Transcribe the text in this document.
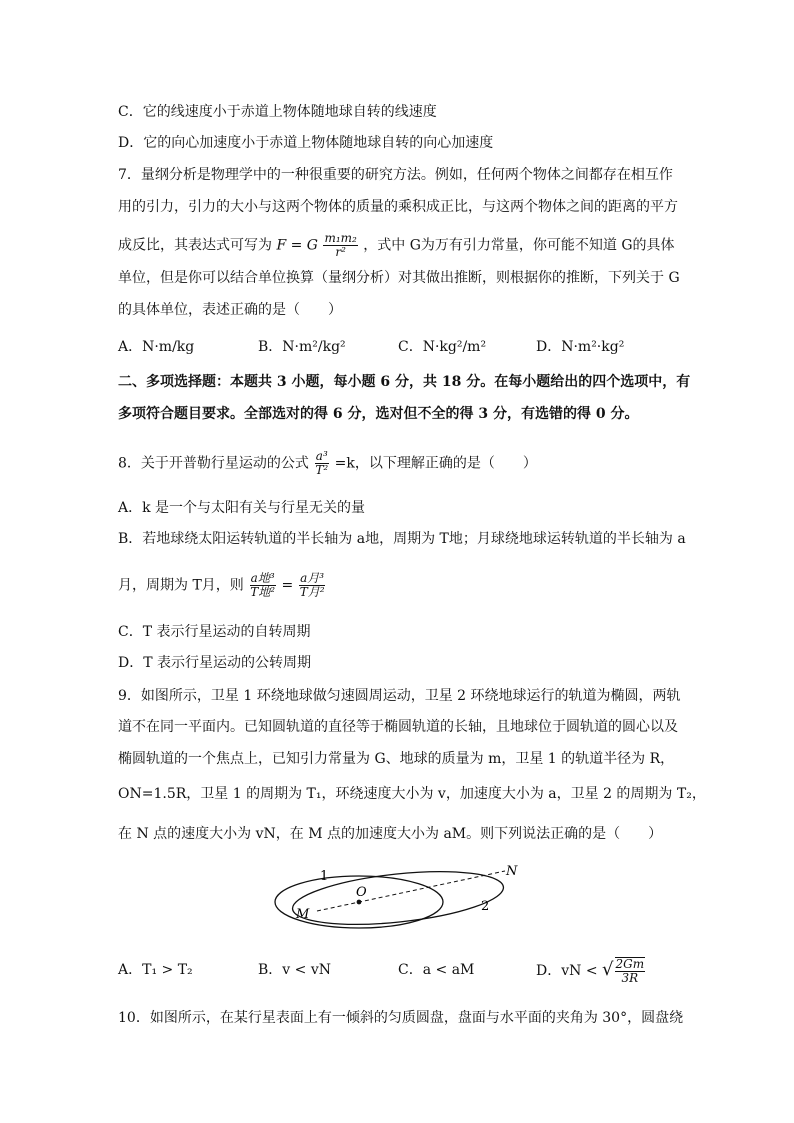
C．它的线速度小于赤道上物体随地球自转的线速度
D．它的向心加速度小于赤道上物体随地球自转的向心加速度
7．量纲分析是物理学中的一种很重要的研究方法。例如，任何两个物体之间都存在相互作
用的引力，引力的大小与这两个物体的质量的乘积成正比，与这两个物体之间的距离的平方
成反比，其表达式可写为 F = G $\frac{\text{m₁m₂}}{\text{r²}}$ ，式中 G为万有引力常量，你可能不知道 G的具体
单位，但是你可以结合单位换算（量纲分析）对其做出推断，则根据你的推断，下列关于 G
的具体单位，表述正确的是（　　）
A．N·m/kg	B．N·m²/kg²	C．N·kg²/m²	D．N·m²·kg²
二、多项选择题：本题共 3 小题，每小题 6 分，共 18 分。在每小题给出的四个选项中，有
多项符合题目要求。全部选对的得 6 分，选对但不全的得 3 分，有选错的得 0 分。
8．关于开普勒行星运动的公式 $\frac{\text{a³}}{\text{T²}} =k$，以下理解正确的是（　　）
A．k 是一个与太阳有关与行星无关的量
B．若地球绕太阳运转轨道的半长轴为 a地，周期为 T地；月球绕地球运转轨道的半长轴为 a
月，周期为 T月，则 $\frac{\text{a地³}}{\text{T地²}} = \frac{\text{a月³}}{\text{T月²}}$
C．T 表示行星运动的自转周期
D．T 表示行星运动的公转周期
9．如图所示，卫星 1 环绕地球做匀速圆周运动，卫星 2 环绕地球运行的轨道为椭圆，两轨
道不在同一平面内。已知圆轨道的直径等于椭圆轨道的长轴，且地球位于圆轨道的圆心以及
椭圆轨道的一个焦点上，已知引力常量为 G、地球的质量为 m，卫星 1 的轨道半径为 R，
ON=1.5R，卫星 1 的周期为 T₁，环绕速度大小为 v，加速度大小为 a，卫星 2 的周期为 T₂，
在 N 点的速度大小为 vN，在 M 点的加速度大小为 aM。则下列说法正确的是（　　）
1
2
O
M
N
A．T₁ > T₂	B．v < vN	C．a < aM	D．vN < √ $\frac{2Gm}{3R}$
10．如图所示，在某行星表面上有一倾斜的匀质圆盘，盘面与水平面的夹角为 30°，圆盘绕
